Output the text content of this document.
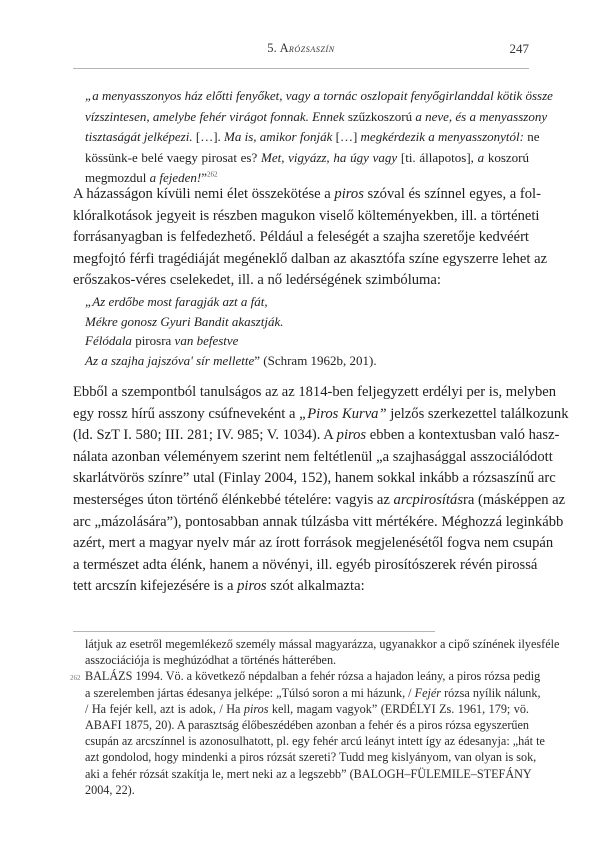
5. Arózsaszín	247
„a menyasszonyos ház előtti fenyőket, vagy a tornác oszlopait fenyőgirlanddal kötik össze
vízszintesen, amelybe fehér virágot fonnak. Ennek szűzkoszorú a neve, és a menyasszony
tisztaságát jelképezi. […]. Ma is, amikor fonják […] megkérdezik a menyasszonytól: ne
kössünk-e belé vaegy pirosat es? Met, vigyázz, ha úgy vagy [ti. állapotos], a koszorú
megmozdul a fejeden!”$^{262}$
A házasságon kívüli nemi élet összekötése a piros szóval és színnel egyes, a fol-
klóralkotások jegyeit is részben magukon viselő költeményekben, ill. a történeti
forrásanyagban is felfedezhető. Például a feleségét a szajha szeretője kedvéért
megfojtó férfi tragédiáját megéneklő dalban az akasztófa színe egyszerre lehet az
erőszakos-véres cselekedet, ill. a nő ledérségének szimbóluma:
„Az erdőbe most faragják azt a fát,
Mékre gonosz Gyuri Bandit akasztják.
Félódala pirosra van befestve
Az a szajha jajszóva' sír mellette” (Schram 1962b, 201).
Ebből a szempontból tanulságos az az 1814-ben feljegyzett erdélyi per is, melyben
egy rossz hírű asszony csúfneveként a „Piros Kurva” jelzős szerkezettel találkozunk
(ld. SzT I. 580; III. 281; IV. 985; V. 1034). A piros ebben a kontextusban való hasz-
nálata azonban véleményem szerint nem feltétlenül „a szajhasággal asszociálódott
skarlátvörös színre” utal (Finlay 2004, 152), hanem sokkal inkább a rózsaszínű arc
mesterséges úton történő élénkebbé tételére: vagyis az arcpirosításra (másképpen az
arc „mázolására”), pontosabban annak túlzásba vitt mértékére. Méghozzá leginkább
azért, mert a magyar nyelv már az írott források megjelenésétől fogva nem csupán
a természet adta élénk, hanem a növényi, ill. egyéb pirosítószerek révén pirossá
tett arcszín kifejezésére is a piros szót alkalmazta:
látjuk az esetről megemlékező személy mással magyarázza, ugyanakkor a cipő színének ilyesféle
asszociációja is meghúzódhat a történés hátterében.
262 BALÁZS 1994. Vö. a következő népdalban a fehér rózsa a hajadon leány, a piros rózsa pedig
a szerelemben jártas édesanya jelképe: „Túlsó soron a mi házunk, / Fejér rózsa nyílik nálunk,
/ Ha fejér kell, azt is adok, / Ha piros kell, magam vagyok” (ERDÉLYI Zs. 1961, 179; vö.
ABAFI 1875, 20). A parasztság élőbeszédében azonban a fehér és a piros rózsa egyszerűen
csupán az arcszínnel is azonosulhatott, pl. egy fehér arcú leányt intett így az édesanyja: „hát te
azt gondolod, hogy mindenki a piros rózsát szereti? Tudd meg kislyányom, van olyan is sok,
aki a fehér rózsát szakítja le, mert neki az a legszebb” (BALOGH–FÜLEMILE–STEFÁNY
2004, 22).
